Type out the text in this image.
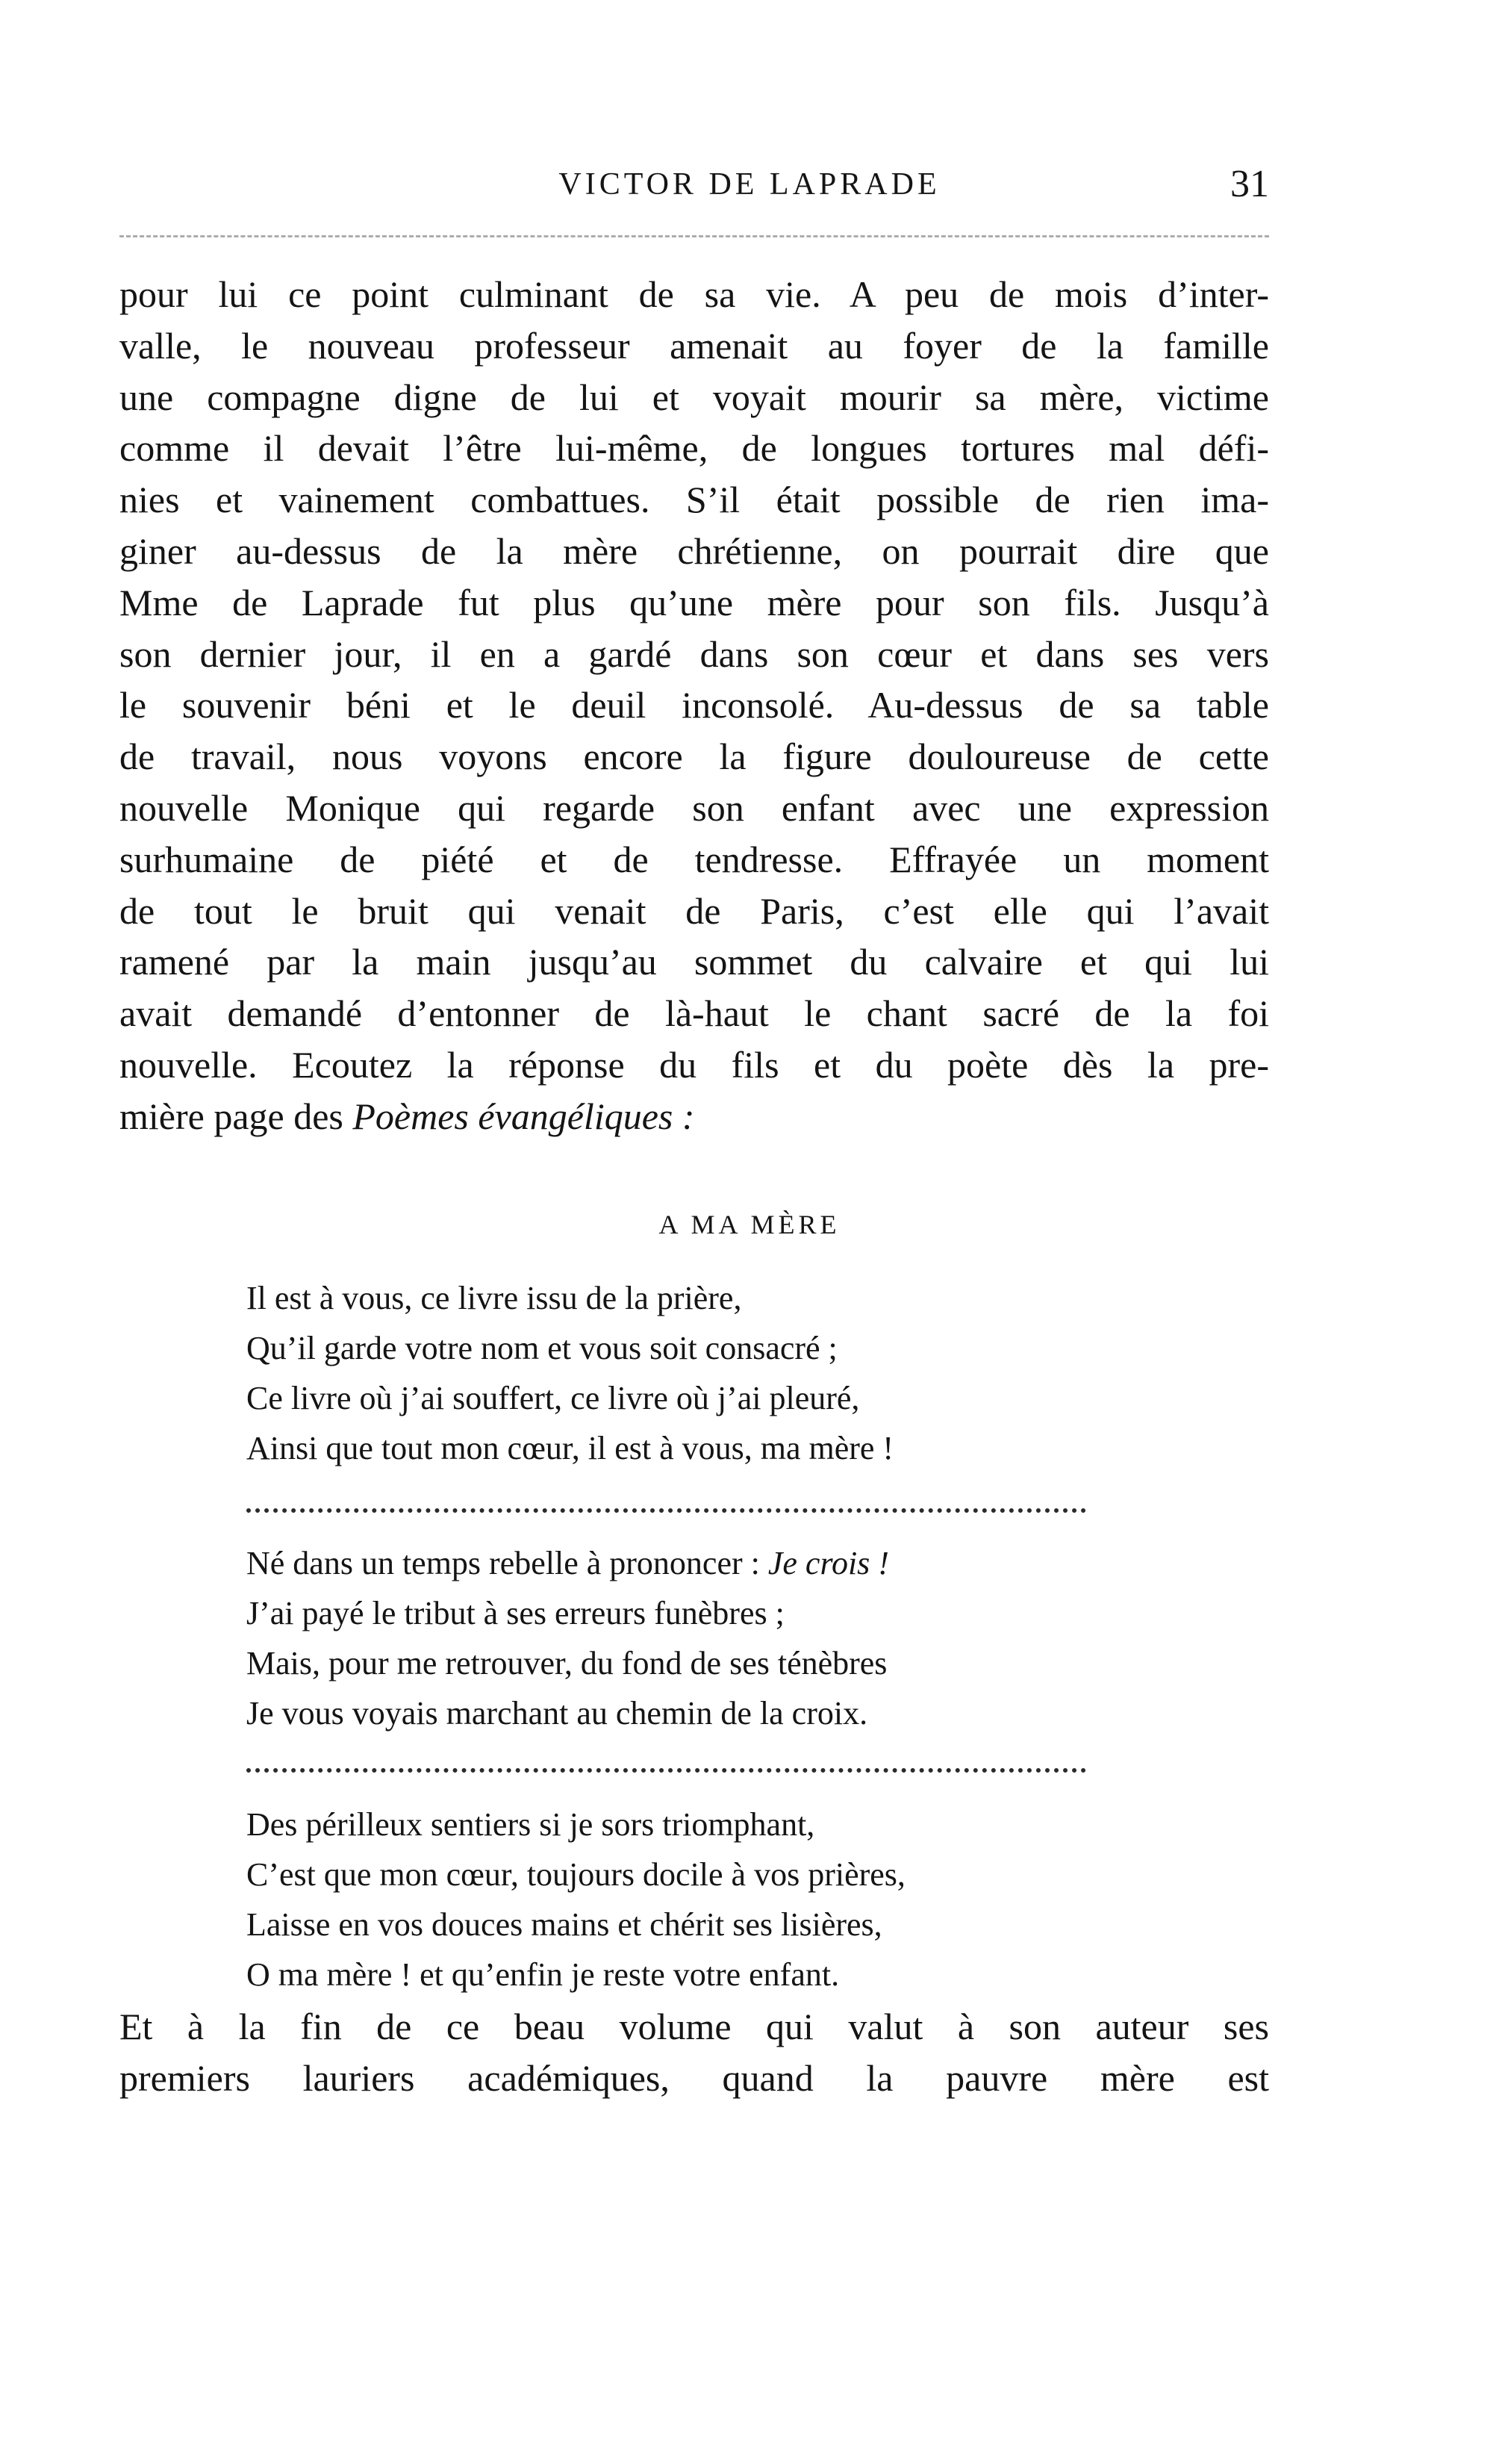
VICTOR DE LAPRADE	31
pour lui ce point culminant de sa vie. A peu de mois d’inter-
valle, le nouveau professeur amenait au foyer de la famille
une compagne digne de lui et voyait mourir sa mère, victime
comme il devait l’être lui-même, de longues tortures mal défi-
nies et vainement combattues. S’il était possible de rien ima-
giner au-dessus de la mère chrétienne, on pourrait dire que
Mme de Laprade fut plus qu’une mère pour son fils. Jusqu’à
son dernier jour, il en a gardé dans son cœur et dans ses vers
le souvenir béni et le deuil inconsolé. Au-dessus de sa table
de travail, nous voyons encore la figure douloureuse de cette
nouvelle Monique qui regarde son enfant avec une expression
surhumaine de piété et de tendresse. Effrayée un moment
de tout le bruit qui venait de Paris, c’est elle qui l’avait
ramené par la main jusqu’au sommet du calvaire et qui lui
avait demandé d’entonner de là-haut le chant sacré de la foi
nouvelle. Ecoutez la réponse du fils et du poète dès la pre-
mière page des Poèmes évangéliques :
A MA MÈRE
Il est à vous, ce livre issu de la prière,
Qu’il garde votre nom et vous soit consacré ;
Ce livre où j’ai souffert, ce livre où j’ai pleuré,
Ainsi que tout mon cœur, il est à vous, ma mère !
Né dans un temps rebelle à prononcer : Je crois !
J’ai payé le tribut à ses erreurs funèbres ;
Mais, pour me retrouver, du fond de ses ténèbres
Je vous voyais marchant au chemin de la croix.
Des périlleux sentiers si je sors triomphant,
C’est que mon cœur, toujours docile à vos prières,
Laisse en vos douces mains et chérit ses lisières,
O ma mère ! et qu’enfin je reste votre enfant.
Et à la fin de ce beau volume qui valut à son auteur ses
premiers lauriers académiques, quand la pauvre mère est
